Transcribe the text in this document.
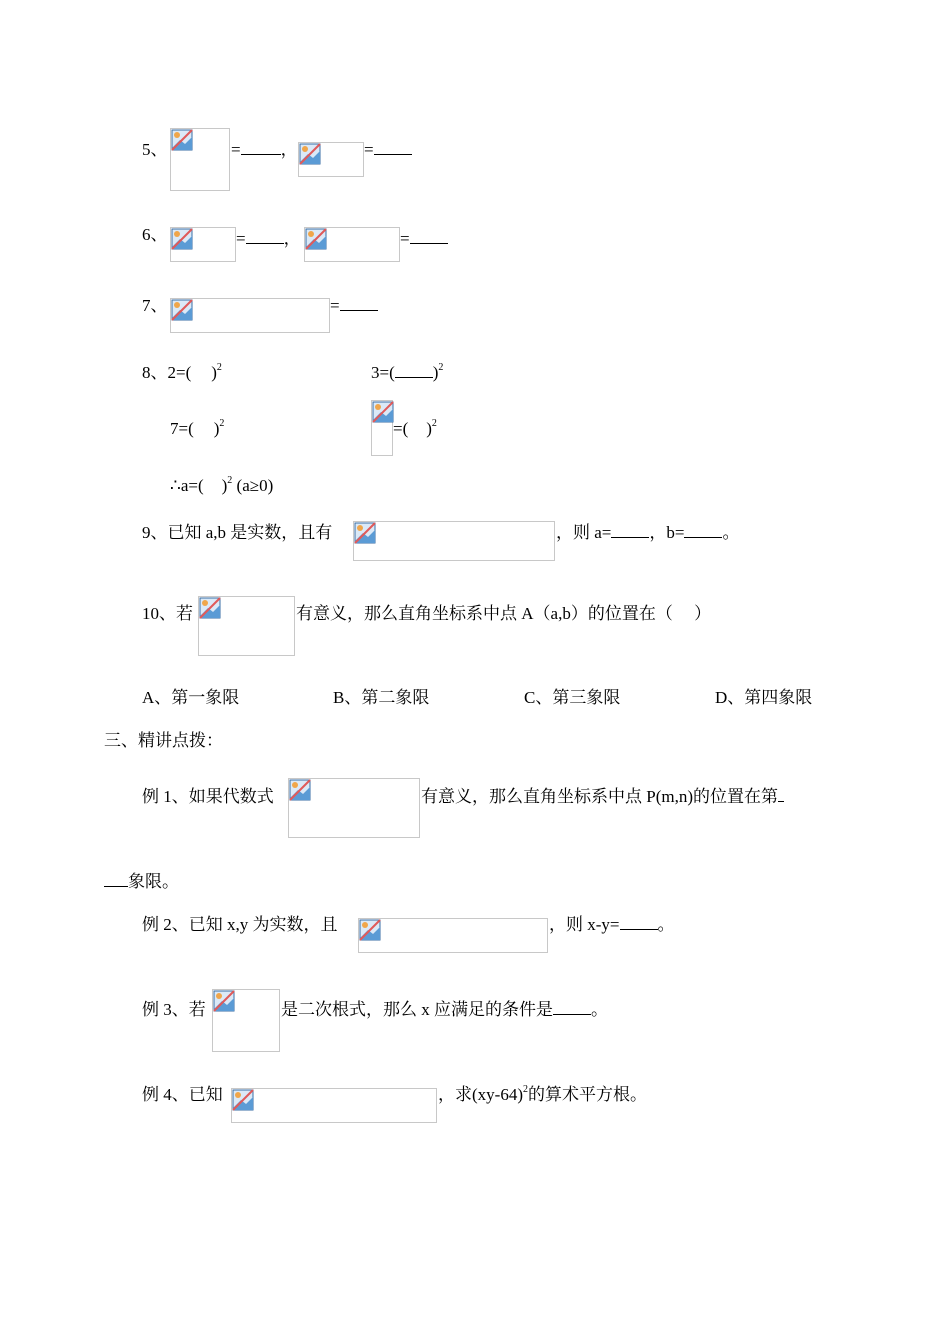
5、	= ，	=
6、	= ，	=
7、	=
8、2=( )$^2$	3=( )$^2$
7=( )$^2$	=( )$^2$
∴a=( )$^2$ (a≥0)
9、已知 a,b 是实数，且有	，则 a= ，b= 。
10、若	有意义，那么直角坐标系中点 A（a,b）的位置在（　 ）
A、第一象限	B、第二象限	C、第三象限	D、第四象限
三、精讲点拨：
例 1、如果代数式	有意义，那么直角坐标系中点 P(m,n)的位置在第
象限。
例 2、已知 x,y 为实数，且	，则 x-y= 。
例 3、若	是二次根式，那么 x 应满足的条件是 。
例 4、已知	，求$(xy-64)^2$的算术平方根。
